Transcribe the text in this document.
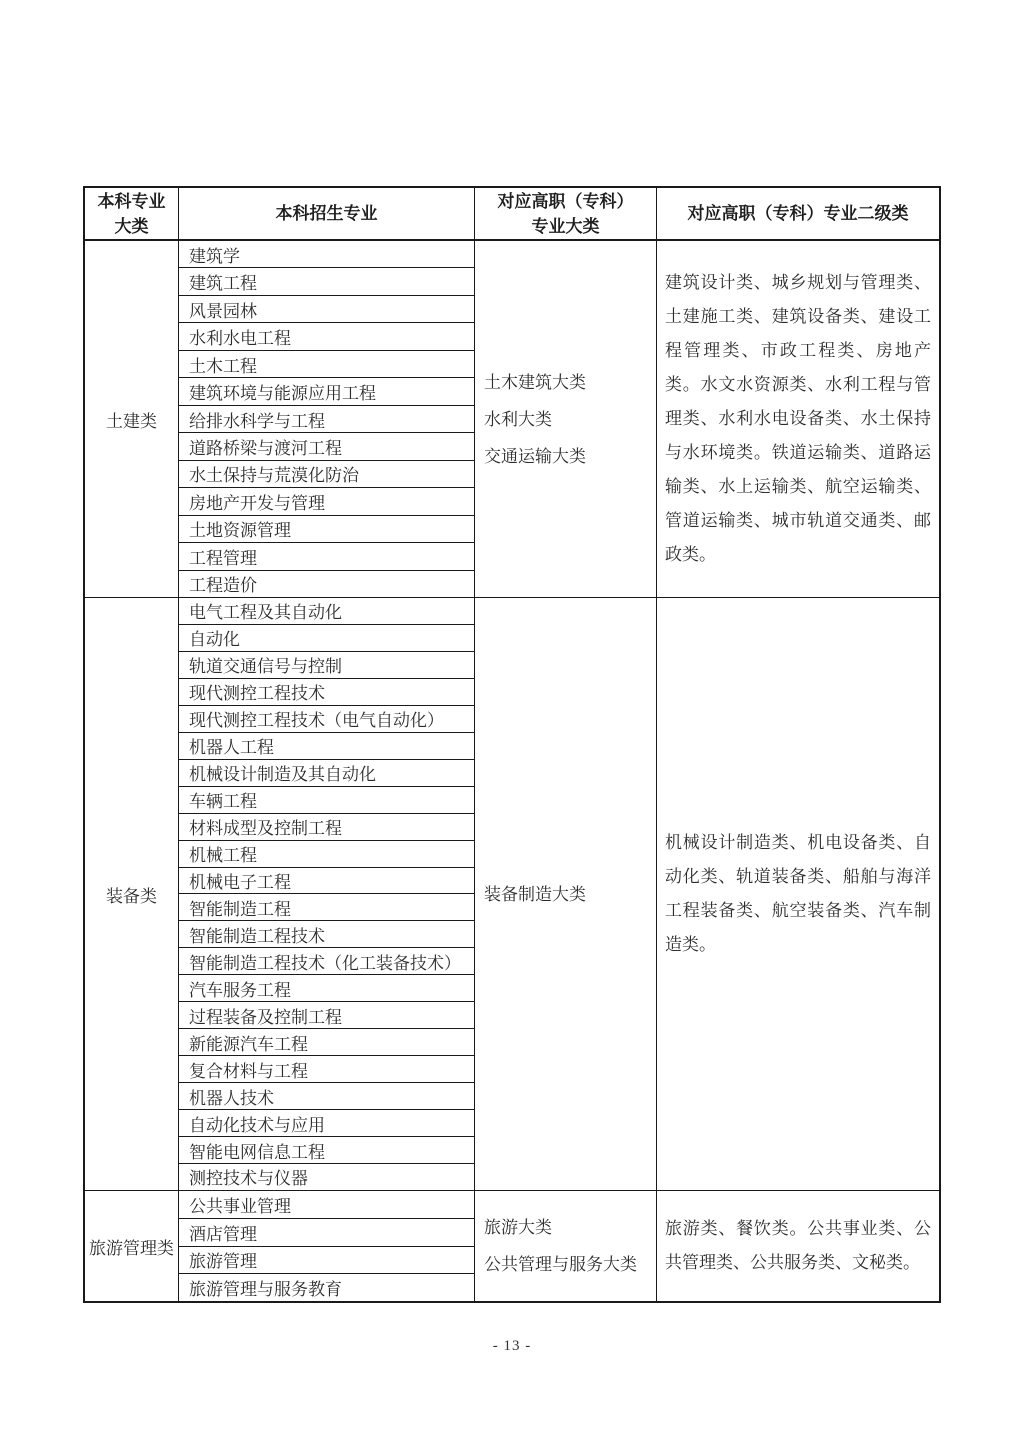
本科专业
大类
本科招生专业
对应高职（专科）
专业大类
对应高职（专科）专业二级类
土建类
建筑学
建筑工程
风景园林
水利水电工程
土木工程
建筑环境与能源应用工程
给排水科学与工程
道路桥梁与渡河工程
水土保持与荒漠化防治
房地产开发与管理
土地资源管理
工程管理
工程造价
土木建筑大类
水利大类
交通运输大类
建筑设计类、城乡规划与管理类、土建施工类、建筑设备类、建设工程管理类、市政工程类、房地产类。水文水资源类、水利工程与管理类、水利水电设备类、水土保持与水环境类。铁道运输类、道路运输类、水上运输类、航空运输类、管道运输类、城市轨道交通类、邮政类。
装备类
电气工程及其自动化
自动化
轨道交通信号与控制
现代测控工程技术
现代测控工程技术（电气自动化）
机器人工程
机械设计制造及其自动化
车辆工程
材料成型及控制工程
机械工程
机械电子工程
智能制造工程
智能制造工程技术
智能制造工程技术（化工装备技术）
汽车服务工程
过程装备及控制工程
新能源汽车工程
复合材料与工程
机器人技术
自动化技术与应用
智能电网信息工程
测控技术与仪器
装备制造大类
机械设计制造类、机电设备类、自动化类、轨道装备类、船舶与海洋工程装备类、航空装备类、汽车制造类。
旅游管理类
公共事业管理
酒店管理
旅游管理
旅游管理与服务教育
旅游大类
公共管理与服务大类
旅游类、餐饮类。公共事业类、公共管理类、公共服务类、文秘类。
- 13 -
